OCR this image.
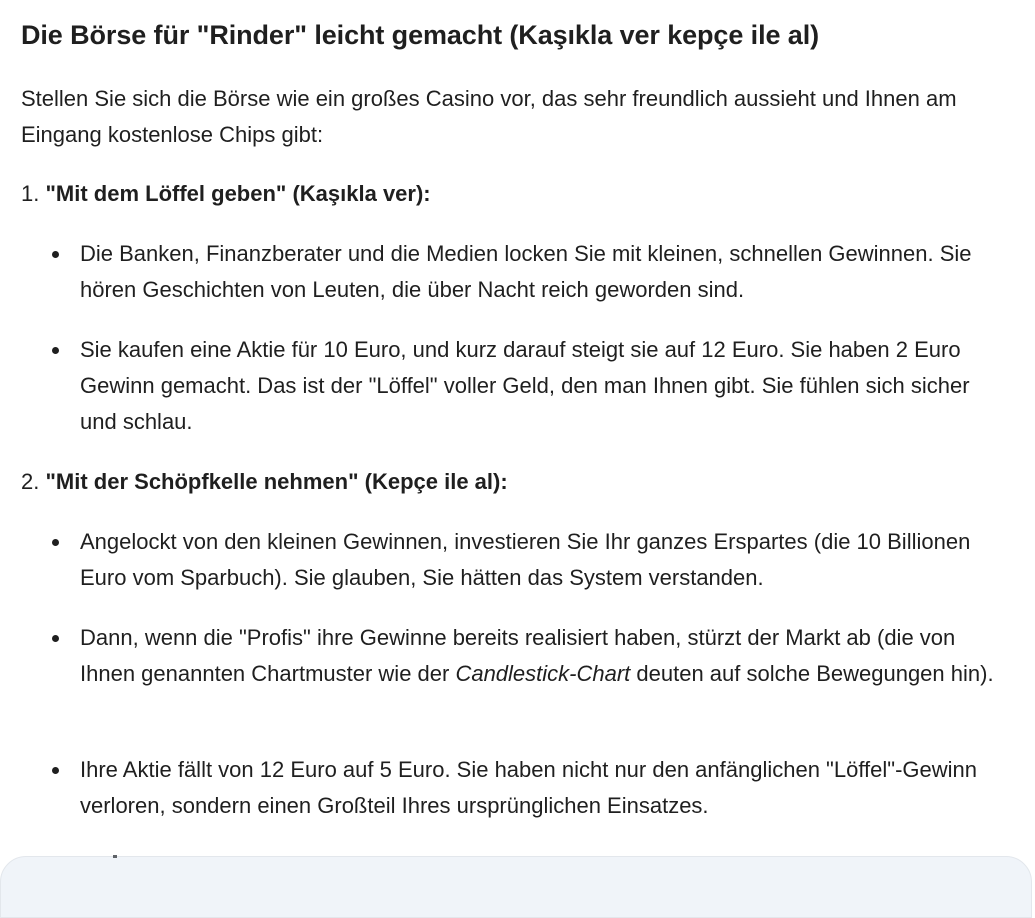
Die Börse für "Rinder" leicht gemacht (Kaşıkla ver kepçe ile al)

Stellen Sie sich die Börse wie ein großes Casino vor, das sehr freundlich aussieht und Ihnen am Eingang kostenlose Chips gibt:

1. "Mit dem Löffel geben" (Kaşıkla ver):
Die Banken, Finanzberater und die Medien locken Sie mit kleinen, schnellen Gewinnen. Sie hören Geschichten von Leuten, die über Nacht reich geworden sind.
Sie kaufen eine Aktie für 10 Euro, und kurz darauf steigt sie auf 12 Euro. Sie haben 2 Euro Gewinn gemacht. Das ist der "Löffel" voller Geld, den man Ihnen gibt. Sie fühlen sich sicher und schlau.
2. "Mit der Schöpfkelle nehmen" (Kepçe ile al):
Angelockt von den kleinen Gewinnen, investieren Sie Ihr ganzes Erspartes (die 10 Billionen Euro vom Sparbuch). Sie glauben, Sie hätten das System verstanden.
Dann, wenn die "Profis" ihre Gewinne bereits realisiert haben, stürzt der Markt ab (die von Ihnen genannten Chartmuster wie der Candlestick-Chart deuten auf solche Bewegungen hin).
Ihre Aktie fällt von 12 Euro auf 5 Euro. Sie haben nicht nur den anfänglichen "Löffel"-Gewinn verloren, sondern einen Großteil Ihres ursprünglichen Einsatzes.
